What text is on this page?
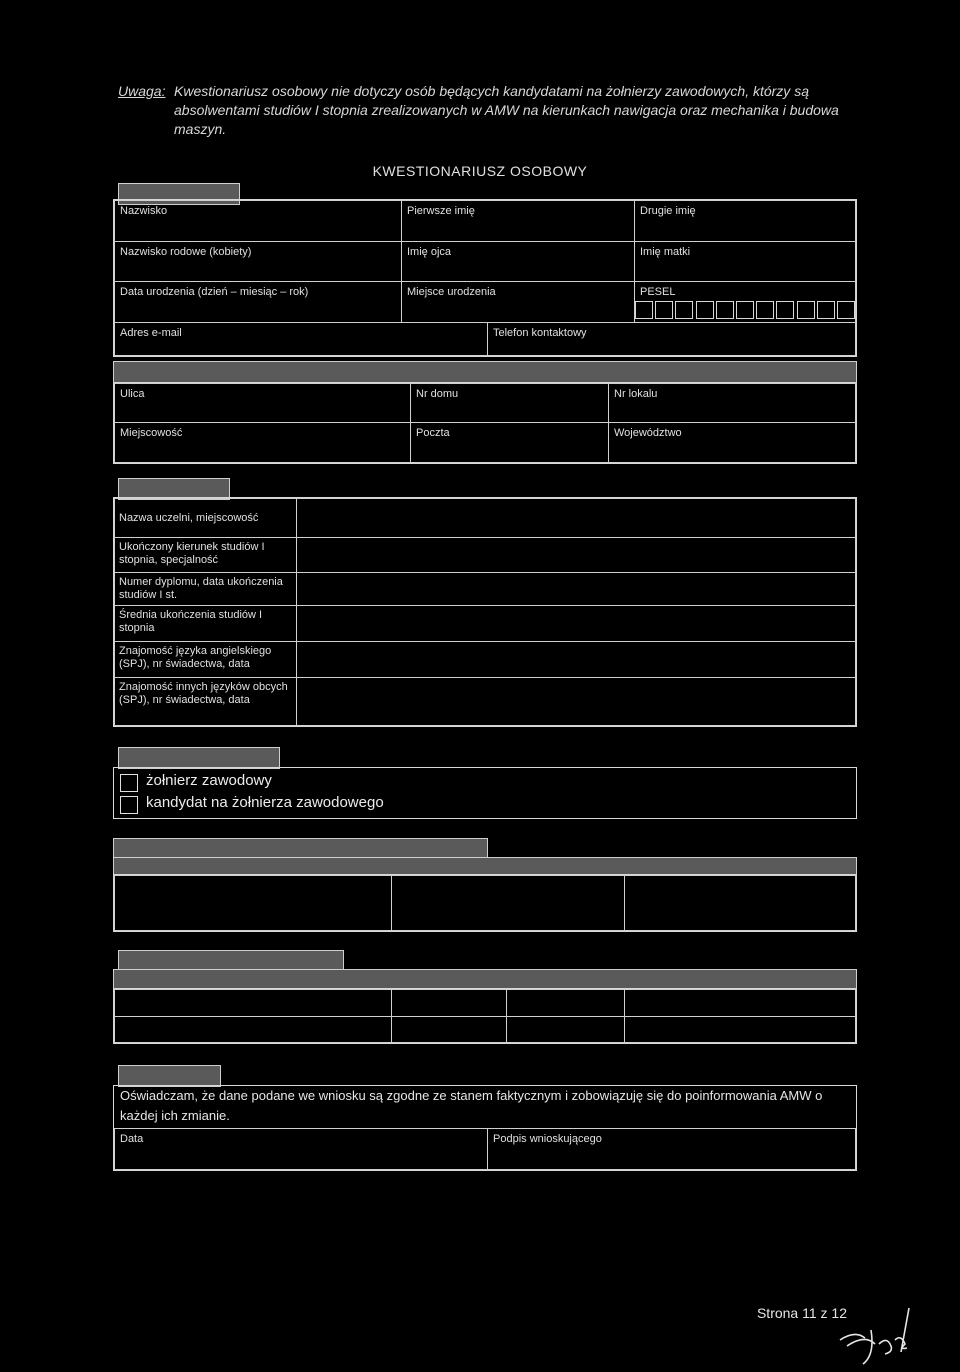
Uwaga: Kwestionariusz osobowy nie dotyczy osób będących kandydatami na żołnierzy zawodowych, którzy są absolwentami studiów I stopnia zrealizowanych w AMW na kierunkach nawigacja oraz mechanika i budowa maszyn.
KWESTIONARIUSZ OSOBOWY
Nazwisko	Pierwsze imię	Drugie imię
Nazwisko rodowe (kobiety)	Imię ojca	Imię matki
Data urodzenia (dzień – miesiąc – rok)	Miejsce urodzenia	PESEL
Adres e-mail	Telefon kontaktowy
Ulica	Nr domu	Nr lokalu
Miejscowość	Poczta	Województwo
Nazwa uczelni, miejscowość
Ukończony kierunek studiów I stopnia, specjalność
Numer dyplomu, data ukończenia studiów I st.
Średnia ukończenia studiów I stopnia
Znajomość języka angielskiego (SPJ), nr świadectwa, data
Znajomość innych języków obcych (SPJ), nr świadectwa, data
żołnierz zawodowy
kandydat na żołnierza zawodowego
Oświadczam, że dane podane we wniosku są zgodne ze stanem faktycznym i zobowiązuję się do poinformowania AMW o każdej ich zmianie.
Data	Podpis wnioskującego
Strona 11 z 12
